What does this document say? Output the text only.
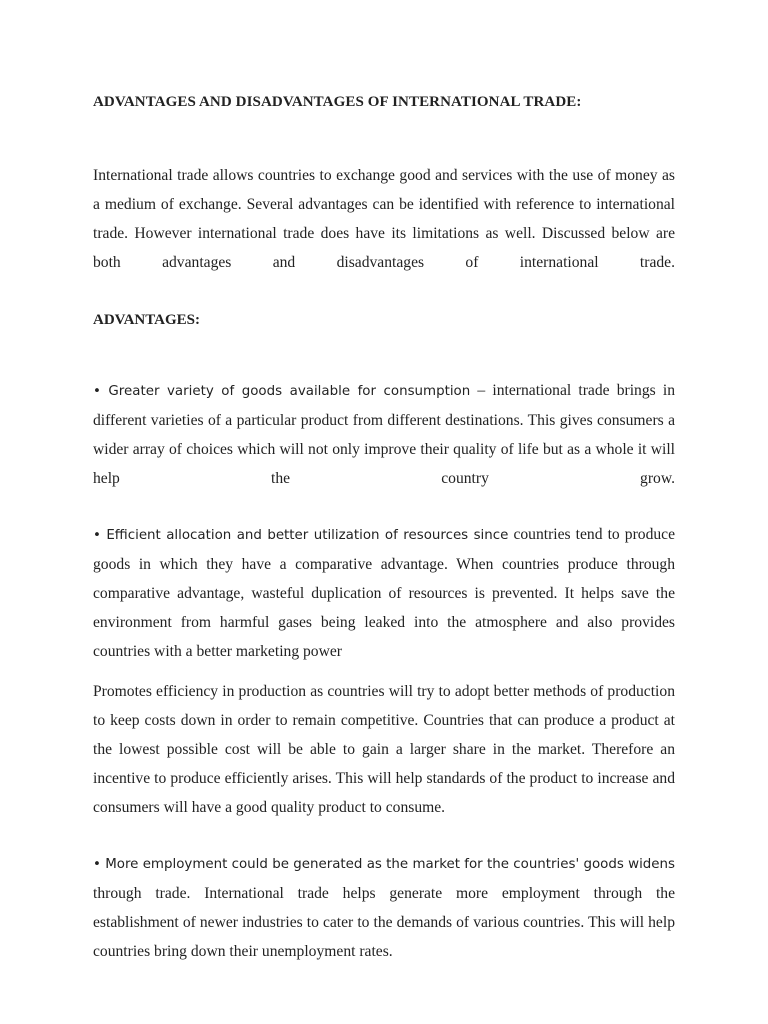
ADVANTAGES AND DISADVANTAGES OF INTERNATIONAL TRADE:

International trade allows countries to exchange good and services with the use of money as a medium of exchange. Several advantages can be identified with reference to international trade. However international trade does have its limitations as well. Discussed below are both advantages and disadvantages of international trade.

ADVANTAGES:

• Greater variety of goods available for consumption – international trade brings in different varieties of a particular product from different destinations. This gives consumers a wider array of choices which will not only improve their quality of life but as a whole it will help the country grow.

• Efficient allocation and better utilization of resources since countries tend to produce goods in which they have a comparative advantage. When countries produce through comparative advantage, wasteful duplication of resources is prevented. It helps save the environment from harmful gases being leaked into the atmosphere and also provides countries with a better marketing power

Promotes efficiency in production as countries will try to adopt better methods of production to keep costs down in order to remain competitive. Countries that can produce a product at the lowest possible cost will be able to gain a larger share in the market. Therefore an incentive to produce efficiently arises. This will help standards of the product to increase and consumers will have a good quality product to consume.

• More employment could be generated as the market for the countries' goods widens through trade. International trade helps generate more employment through the establishment of newer industries to cater to the demands of various countries. This will help countries bring down their unemployment rates.
